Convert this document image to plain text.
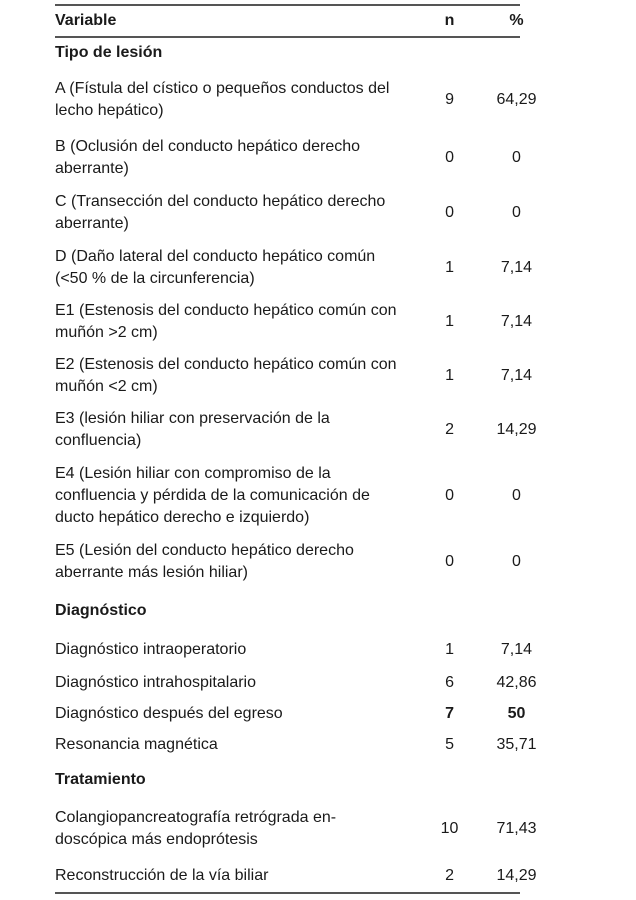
Variable	n	%
Tipo de lesión		
A (Fístula del cístico o pequeños conductos del lecho hepático)	9	64,29
B (Oclusión del conducto hepático derecho aberrante)	0	0
C (Transección del conducto hepático derecho aberrante)	0	0
D (Daño lateral del conducto hepático común (<50 % de la circunferencia)	1	7,14
E1 (Estenosis del conducto hepático común con muñón >2 cm)	1	7,14
E2 (Estenosis del conducto hepático común con muñón <2 cm)	1	7,14
E3 (lesión hiliar con preservación de la confluencia)	2	14,29
E4 (Lesión hiliar con compromiso de la confluencia y pérdida de la comunicación de ducto hepático derecho e izquierdo)	0	0
E5 (Lesión del conducto hepático derecho aberrante más lesión hiliar)	0	0
Diagnóstico		
Diagnóstico intraoperatorio	1	7,14
Diagnóstico intrahospitalario	6	42,86
Diagnóstico después del egreso	7	50
Resonancia magnética	5	35,71
Tratamiento		
Colangiopancreatografía retrógrada en-doscópica más endoprótesis	10	71,43
Reconstrucción de la vía biliar	2	14,29
